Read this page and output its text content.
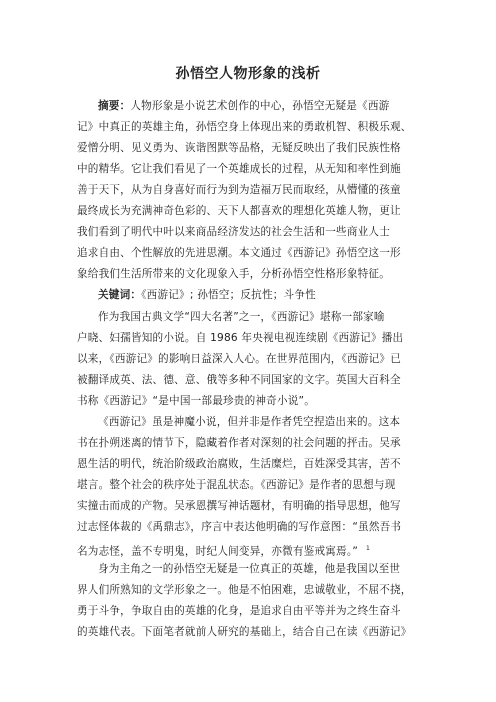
孙悟空人物形象的浅析
摘要：人物形象是小说艺术创作的中心，孙悟空无疑是《西游
记》中真正的英雄主角，孙悟空身上体现出来的勇敢机智、积极乐观、
爱憎分明、见义勇为、诙谐图默等品格，无疑反映出了我们民族性格
中的精华。它让我们看见了一个英雄成长的过程，从无知和率性到施
善于天下，从为自身喜好而行为到为造福万民而取经，从懵懂的孩童
最终成长为充满神奇色彩的、天下人都喜欢的理想化英雄人物，更让
我们看到了明代中叶以来商品经济发达的社会生活和一些商业人士
追求自由、个性解放的先进思潮。本文通过《西游记》孙悟空这一形
象给我们生活所带来的文化现象入手，分析孙悟空性格形象特征。
关键词：《西游记》; 孙悟空；反抗性；斗争性
作为我国古典文学“四大名著”之一，《西游记》堪称一部家喻
户晓、妇孺皆知的小说。自 1986 年央视电视连续剧《西游记》播出
以来，《西游记》的影响日益深入人心。在世界范围内，《西游记》已
被翻译成英、法、德、意、俄等多种不同国家的文字。英国大百科全
书称《西游记》“是中国一部最珍贵的神奇小说”。
《西游记》虽是神魔小说，但并非是作者凭空捏造出来的。这本
书在扑朔迷离的情节下，隐藏着作者对深刻的社会问题的抨击。吴承
恩生活的明代，统治阶级政治腐败，生活糜烂，百姓深受其害，苦不
堪言。整个社会的秩序处于混乱状态。《西游记》是作者的思想与现
实撞击而成的产物。吴承恩撰写神话题材，有明确的指导思想，他写
过志怪体裁的《禹鼎志》，序言中表达他明确的写作意图：“虽然吾书
名为志怪，盖不专明鬼，时纪人间变异，亦微有鉴戒寓焉。” $^1$
身为主角之一的孙悟空无疑是一位真正的英雄，他是我国以至世
界人们所熟知的文学形象之一。他是不怕困难，忠诚敬业，不屈不挠，
勇于斗争，争取自由的英雄的化身，是追求自由平等并为之终生奋斗
的英雄代表。下面笔者就前人研究的基础上，结合自己在读《西游记》
